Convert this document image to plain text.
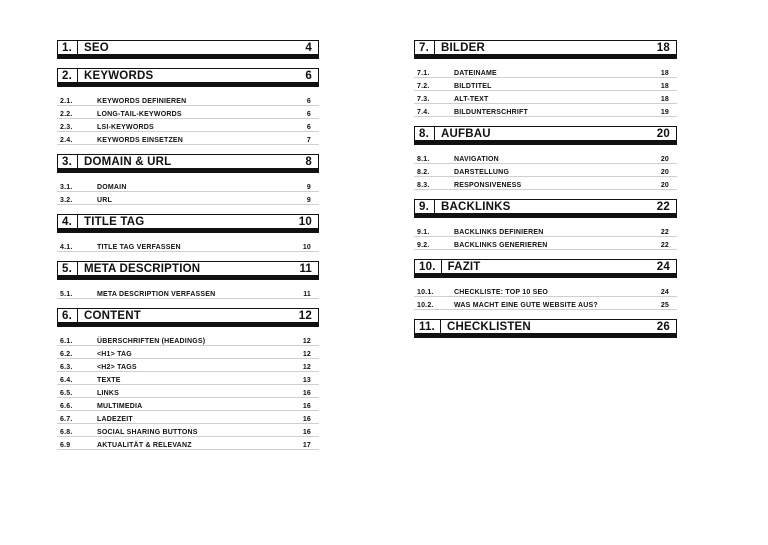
1.	SEO	4
2.	KEYWORDS	6
2.1.	KEYWORDS DEFINIEREN	6
2.2.	LONG-TAIL-KEYWORDS	6
2.3.	LSI-KEYWORDS	6
2.4.	KEYWORDS EINSETZEN	7
3.	DOMAIN & URL	8
3.1.	DOMAIN	9
3.2.	URL	9
4.	TITLE TAG	10
4.1.	TITLE TAG VERFASSEN	10
5.	META DESCRIPTION	11
5.1.	META DESCRIPTION VERFASSEN	11
6.	CONTENT	12
6.1.	ÜBERSCHRIFTEN (HEADINGS)	12
6.2.	<H1> TAG	12
6.3.	<H2> TAGS	12
6.4.	TEXTE	13
6.5.	LINKS	16
6.6.	MULTIMEDIA	16
6.7.	LADEZEIT	16
6.8.	SOCIAL SHARING BUTTONS	16
6.9	AKTUALITÄT & RELEVANZ	17
7.	BILDER	18
7.1.	DATEINAME	18
7.2.	BILDTITEL	18
7.3.	ALT-TEXT	18
7.4.	BILDUNTERSCHRIFT	19
8.	AUFBAU	20
8.1.	NAVIGATION	20
8.2.	DARSTELLUNG	20
8.3.	RESPONSIVENESS	20
9.	BACKLINKS	22
9.1.	BACKLINKS DEFINIEREN	22
9.2.	BACKLINKS GENERIEREN	22
10.	FAZIT	24
10.1.	CHECKLISTE: TOP 10 SEO	24
10.2.	WAS MACHT EINE GUTE WEBSITE AUS?	25
11.	CHECKLISTEN	26
